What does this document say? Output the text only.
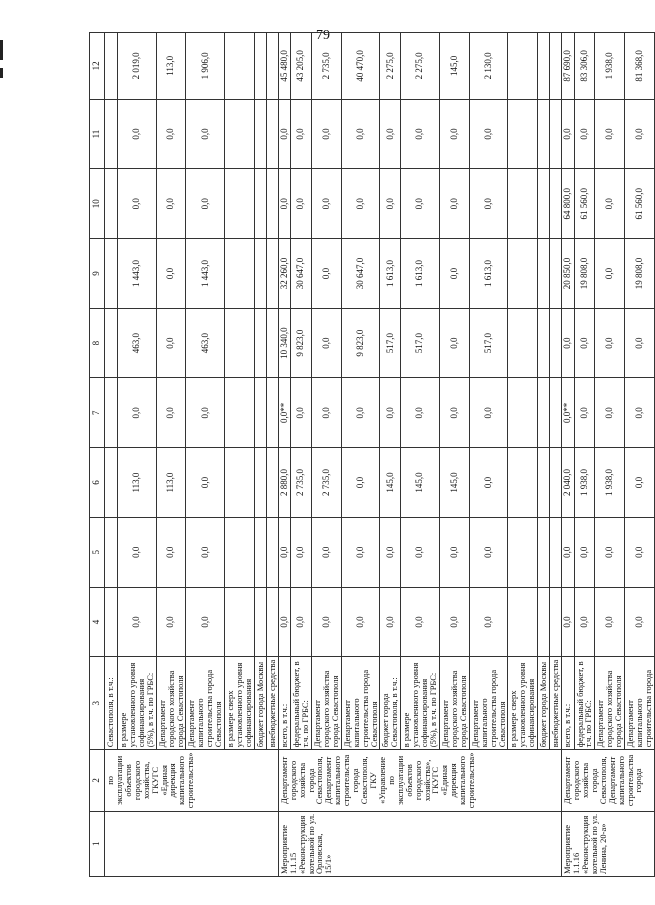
79
1	2	3	4	5	6	7	8	9	10	11	12
	по эксплуатации объектов городского хозяйства, ГКУГС «Единая дирекция капитального строительства»	Севастополя, в т.ч.:									
		в размере установленного уровня софинансирования (5%), в т.ч. по ГРБС:	0,0	0,0	113,0	0,0	463,0	1 443,0	0,0	0,0	2 019,0
		Департамент городского хозяйства города Севастополя	0,0	0,0	113,0	0,0	0,0	0,0	0,0	0,0	113,0
		Департамент капитального строительства города Севастополя	0,0	0,0	0,0	0,0	463,0	1 443,0	0,0	0,0	1 906,0
		в размере сверх установленного уровня софинансирования									
		бюджет города Москвы									
		внебюджетные средства									
Мероприятие 1.1.15 «Реконструкция котельной по ул. Орловская, 15/1»	Департамент городского хозяйства города Севастополя, Департамент капитального строительства города Севастополя, ГКУ «Управление по эксплуатации объектов городского хозяйства», ГКУГС «Единая дирекция капитального строительства»	всего, в т.ч.:	0,0	0,0	2 880,0	0,0**	10 340,0	32 260,0	0,0	0,0	45 480,0
		федеральный бюджет, в т.ч. по ГРБС:	0,0	0,0	2 735,0	0,0	9 823,0	30 647,0	0,0	0,0	43 205,0
		Департамент городского хозяйства города Севастополя	0,0	0,0	2 735,0	0,0	0,0	0,0	0,0	0,0	2 735,0
		Департамент капитального строительства города Севастополя	0,0	0,0	0,0	0,0	9 823,0	30 647,0	0,0	0,0	40 470,0
		бюджет города Севастополя, в т.ч.:	0,0	0,0	145,0	0,0	517,0	1 613,0	0,0	0,0	2 275,0
		в размере установленного уровня софинансирования (5%), в т.ч. по ГРБС:	0,0	0,0	145,0	0,0	517,0	1 613,0	0,0	0,0	2 275,0
		Департамент городского хозяйства города Севастополя	0,0	0,0	145,0	0,0	0,0	0,0	0,0	0,0	145,0
		Департамент капитального строительства города Севастополя	0,0	0,0	0,0	0,0	517,0	1 613,0	0,0	0,0	2 130,0
		в размере сверх установленного уровня софинансирования									
		бюджет города Москвы									
		внебюджетные средства									
Мероприятие 1.1.16 «Реконструкция котельной по ул. Ленина, 20-а»	Департамент городского хозяйства города Севастополя, Департамент капитального строительства города	всего, в т.ч.:	0,0	0,0	2 040,0	0,0**	0,0	20 850,0	64 800,0	0,0	87 690,0
		федеральный бюджет, в т.ч. по ГРБС:	0,0	0,0	1 938,0	0,0	0,0	19 808,0	61 560,0	0,0	83 306,0
		Департамент городского хозяйства города Севастополя	0,0	0,0	1 938,0	0,0	0,0	0,0	0,0	0,0	1 938,0
		Департамент капитального строительства города	0,0	0,0	0,0	0,0	0,0	19 808,0	61 560,0	0,0	81 368,0
